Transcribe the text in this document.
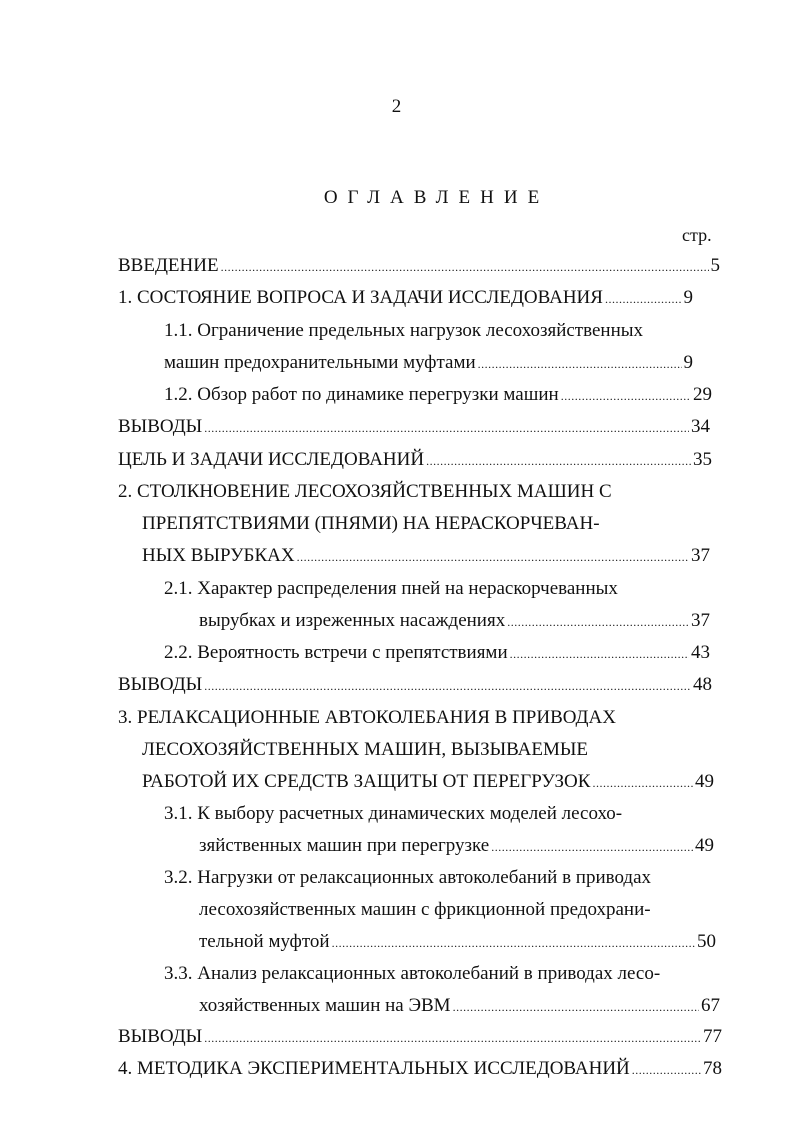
2
ОГЛАВЛЕНИЕ
стр.
ВВЕДЕНИЕ .....	5
1. СОСТОЯНИЕ ВОПРОСА И ЗАДАЧИ ИССЛЕДОВАНИЯ .....	9
1.1. Ограничение предельных нагрузок лесохозяйственных
машин предохранительными муфтами .....	9
1.2. Обзор работ по динамике перегрузки машин .....	29
ВЫВОДЫ .....	34
ЦЕЛЬ И ЗАДАЧИ ИССЛЕДОВАНИЙ .....	35
2. СТОЛКНОВЕНИЕ ЛЕСОХОЗЯЙСТВЕННЫХ МАШИН С
ПРЕПЯТСТВИЯМИ (ПНЯМИ) НА НЕРАСКОРЧЕВАН-
НЫХ ВЫРУБКАХ .....	37
2.1. Характер распределения пней на нераскорчеванных
вырубках и изреженных насаждениях .....	37
2.2. Вероятность встречи с препятствиями .....	43
ВЫВОДЫ .....	48
3. РЕЛАКСАЦИОННЫЕ АВТОКОЛЕБАНИЯ В ПРИВОДАХ
ЛЕСОХОЗЯЙСТВЕННЫХ МАШИН, ВЫЗЫВАЕМЫЕ
РАБОТОЙ ИХ СРЕДСТВ ЗАЩИТЫ ОТ ПЕРЕГРУЗОК .....	49
3.1. К выбору расчетных динамических моделей лесохо-
зяйственных машин при перегрузке .....	49
3.2. Нагрузки от релаксационных автоколебаний в приводах
лесохозяйственных машин с фрикционной предохрани-
тельной муфтой .....	50
3.3. Анализ релаксационных автоколебаний в приводах лесо-
хозяйственных машин на ЭВМ .....	67
ВЫВОДЫ .....	77
4. МЕТОДИКА ЭКСПЕРИМЕНТАЛЬНЫХ ИССЛЕДОВАНИЙ .....	78
